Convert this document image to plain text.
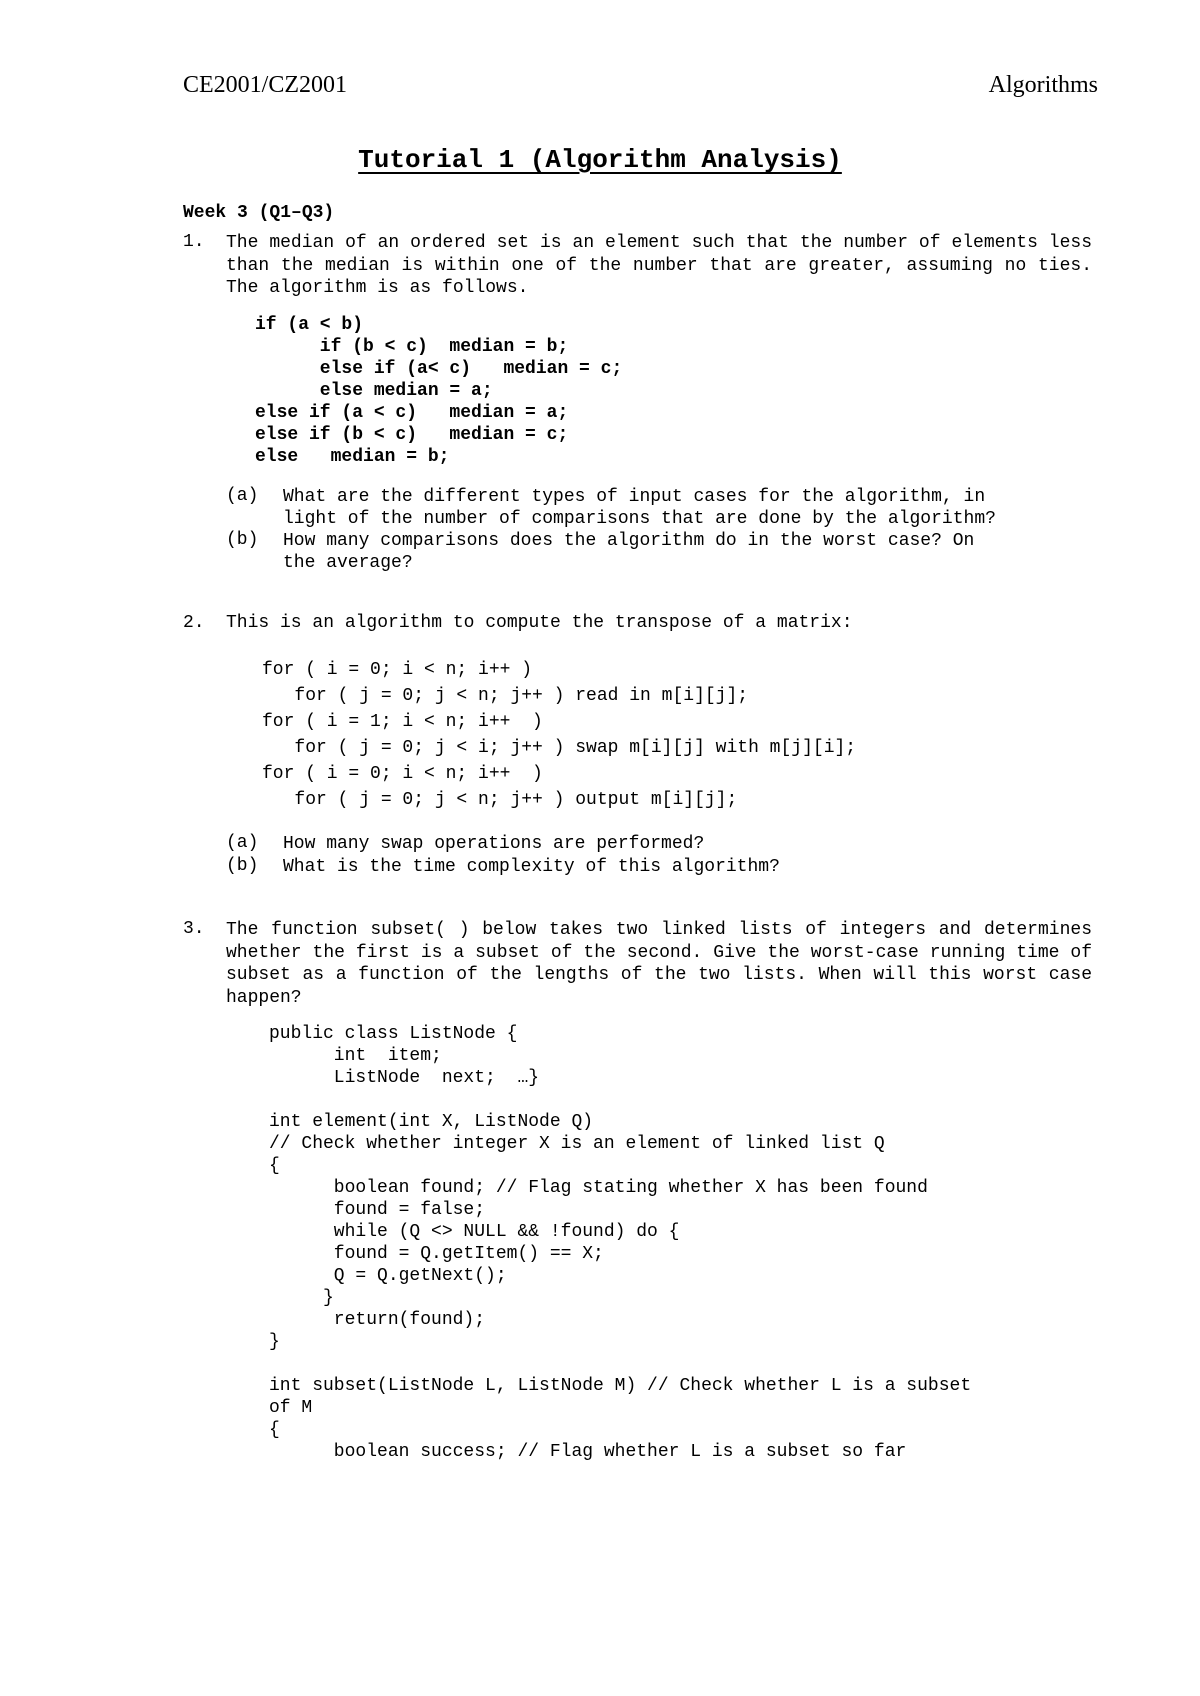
CE2001/CZ2001	Algorithms
Tutorial 1 (Algorithm Analysis)
Week 3 (Q1–Q3)
1. The median of an ordered set is an element such that the number of elements less than the median is within one of the number that are greater, assuming no ties. The algorithm is as follows.
if (a < b)
if (b < c)  median = b;
else if (a< c)   median = c;
else median = a;
else if (a < c)   median = a;
else if (b < c)   median = c;
else   median = b;
(a) What are the different types of input cases for the algorithm, in
light of the number of comparisons that are done by the algorithm?
(b) How many comparisons does the algorithm do in the worst case? On
the average?
2. This is an algorithm to compute the transpose of a matrix:
for ( i = 0; i < n; i++ )
for ( j = 0; j < n; j++ ) read in m[i][j];
for ( i = 1; i < n; i++  )
for ( j = 0; j < i; j++ ) swap m[i][j] with m[j][i];
for ( i = 0; i < n; i++  )
for ( j = 0; j < n; j++ ) output m[i][j];
(a) How many swap operations are performed?
(b) What is the time complexity of this algorithm?
3. The function subset( ) below takes two linked lists of integers and determines whether the first is a subset of the second. Give the worst-case running time of subset as a function of the lengths of the two lists. When will this worst case happen?
public class ListNode {
int  item;
ListNode  next;  …}
int element(int X, ListNode Q)
// Check whether integer X is an element of linked list Q
{
boolean found; // Flag stating whether X has been found
found = false;
while (Q <> NULL && !found) do {
found = Q.getItem() == X;
Q = Q.getNext();
}
return(found);
}
int subset(ListNode L, ListNode M) // Check whether L is a subset
of M
{
boolean success; // Flag whether L is a subset so far
